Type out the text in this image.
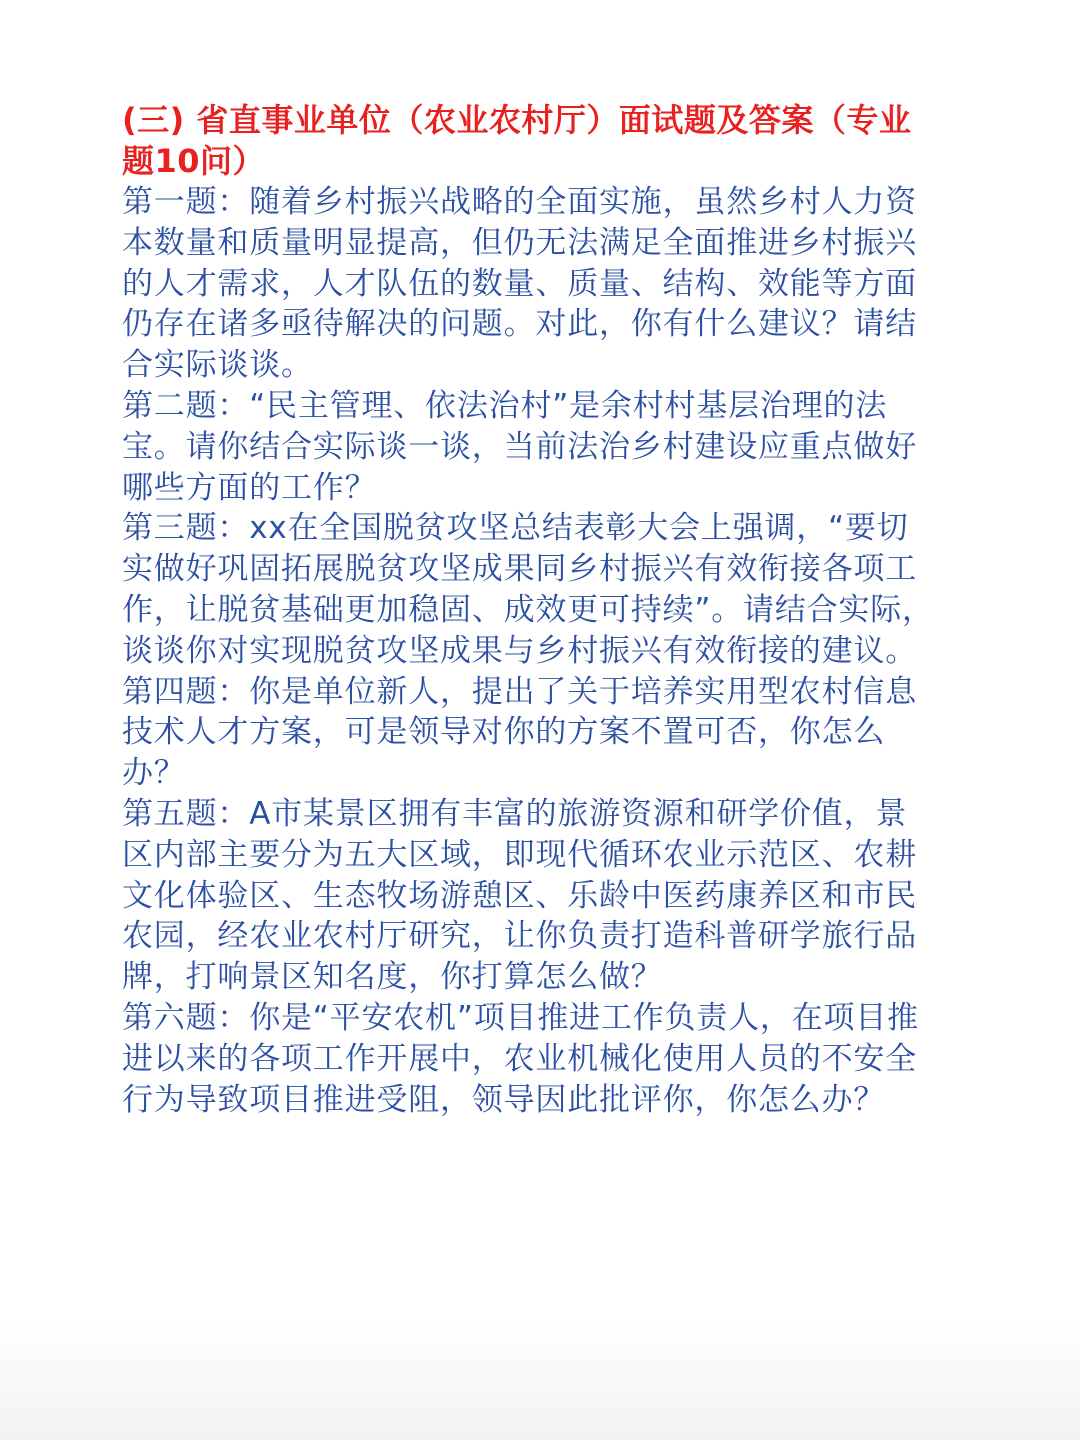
(三) 省直事业单位（农业农村厅）面试题及答案（专业题10问）

第一题：随着乡村振兴战略的全面实施，虽然乡村人力资本数量和质量明显提高，但仍无法满足全面推进乡村振兴的人才需求，人才队伍的数量、质量、结构、效能等方面仍存在诸多亟待解决的问题。对此，你有什么建议？请结合实际谈谈。

第二题：“民主管理、依法治村”是余村村基层治理的法宝。请你结合实际谈一谈，当前法治乡村建设应重点做好哪些方面的工作？

第三题：xx在全国脱贫攻坚总结表彰大会上强调，“要切实做好巩固拓展脱贫攻坚成果同乡村振兴有效衔接各项工作，让脱贫基础更加稳固、成效更可持续”。请结合实际，谈谈你对实现脱贫攻坚成果与乡村振兴有效衔接的建议。

第四题：你是单位新人，提出了关于培养实用型农村信息技术人才方案，可是领导对你的方案不置可否，你怎么办？

第五题：A市某景区拥有丰富的旅游资源和研学价值，景区内部主要分为五大区域，即现代循环农业示范区、农耕文化体验区、生态牧场游憩区、乐龄中医药康养区和市民农园，经农业农村厅研究，让你负责打造科普研学旅行品牌，打响景区知名度，你打算怎么做？

第六题：你是“平安农机”项目推进工作负责人，在项目推进以来的各项工作开展中，农业机械化使用人员的不安全行为导致项目推进受阻，领导因此批评你，你怎么办？
